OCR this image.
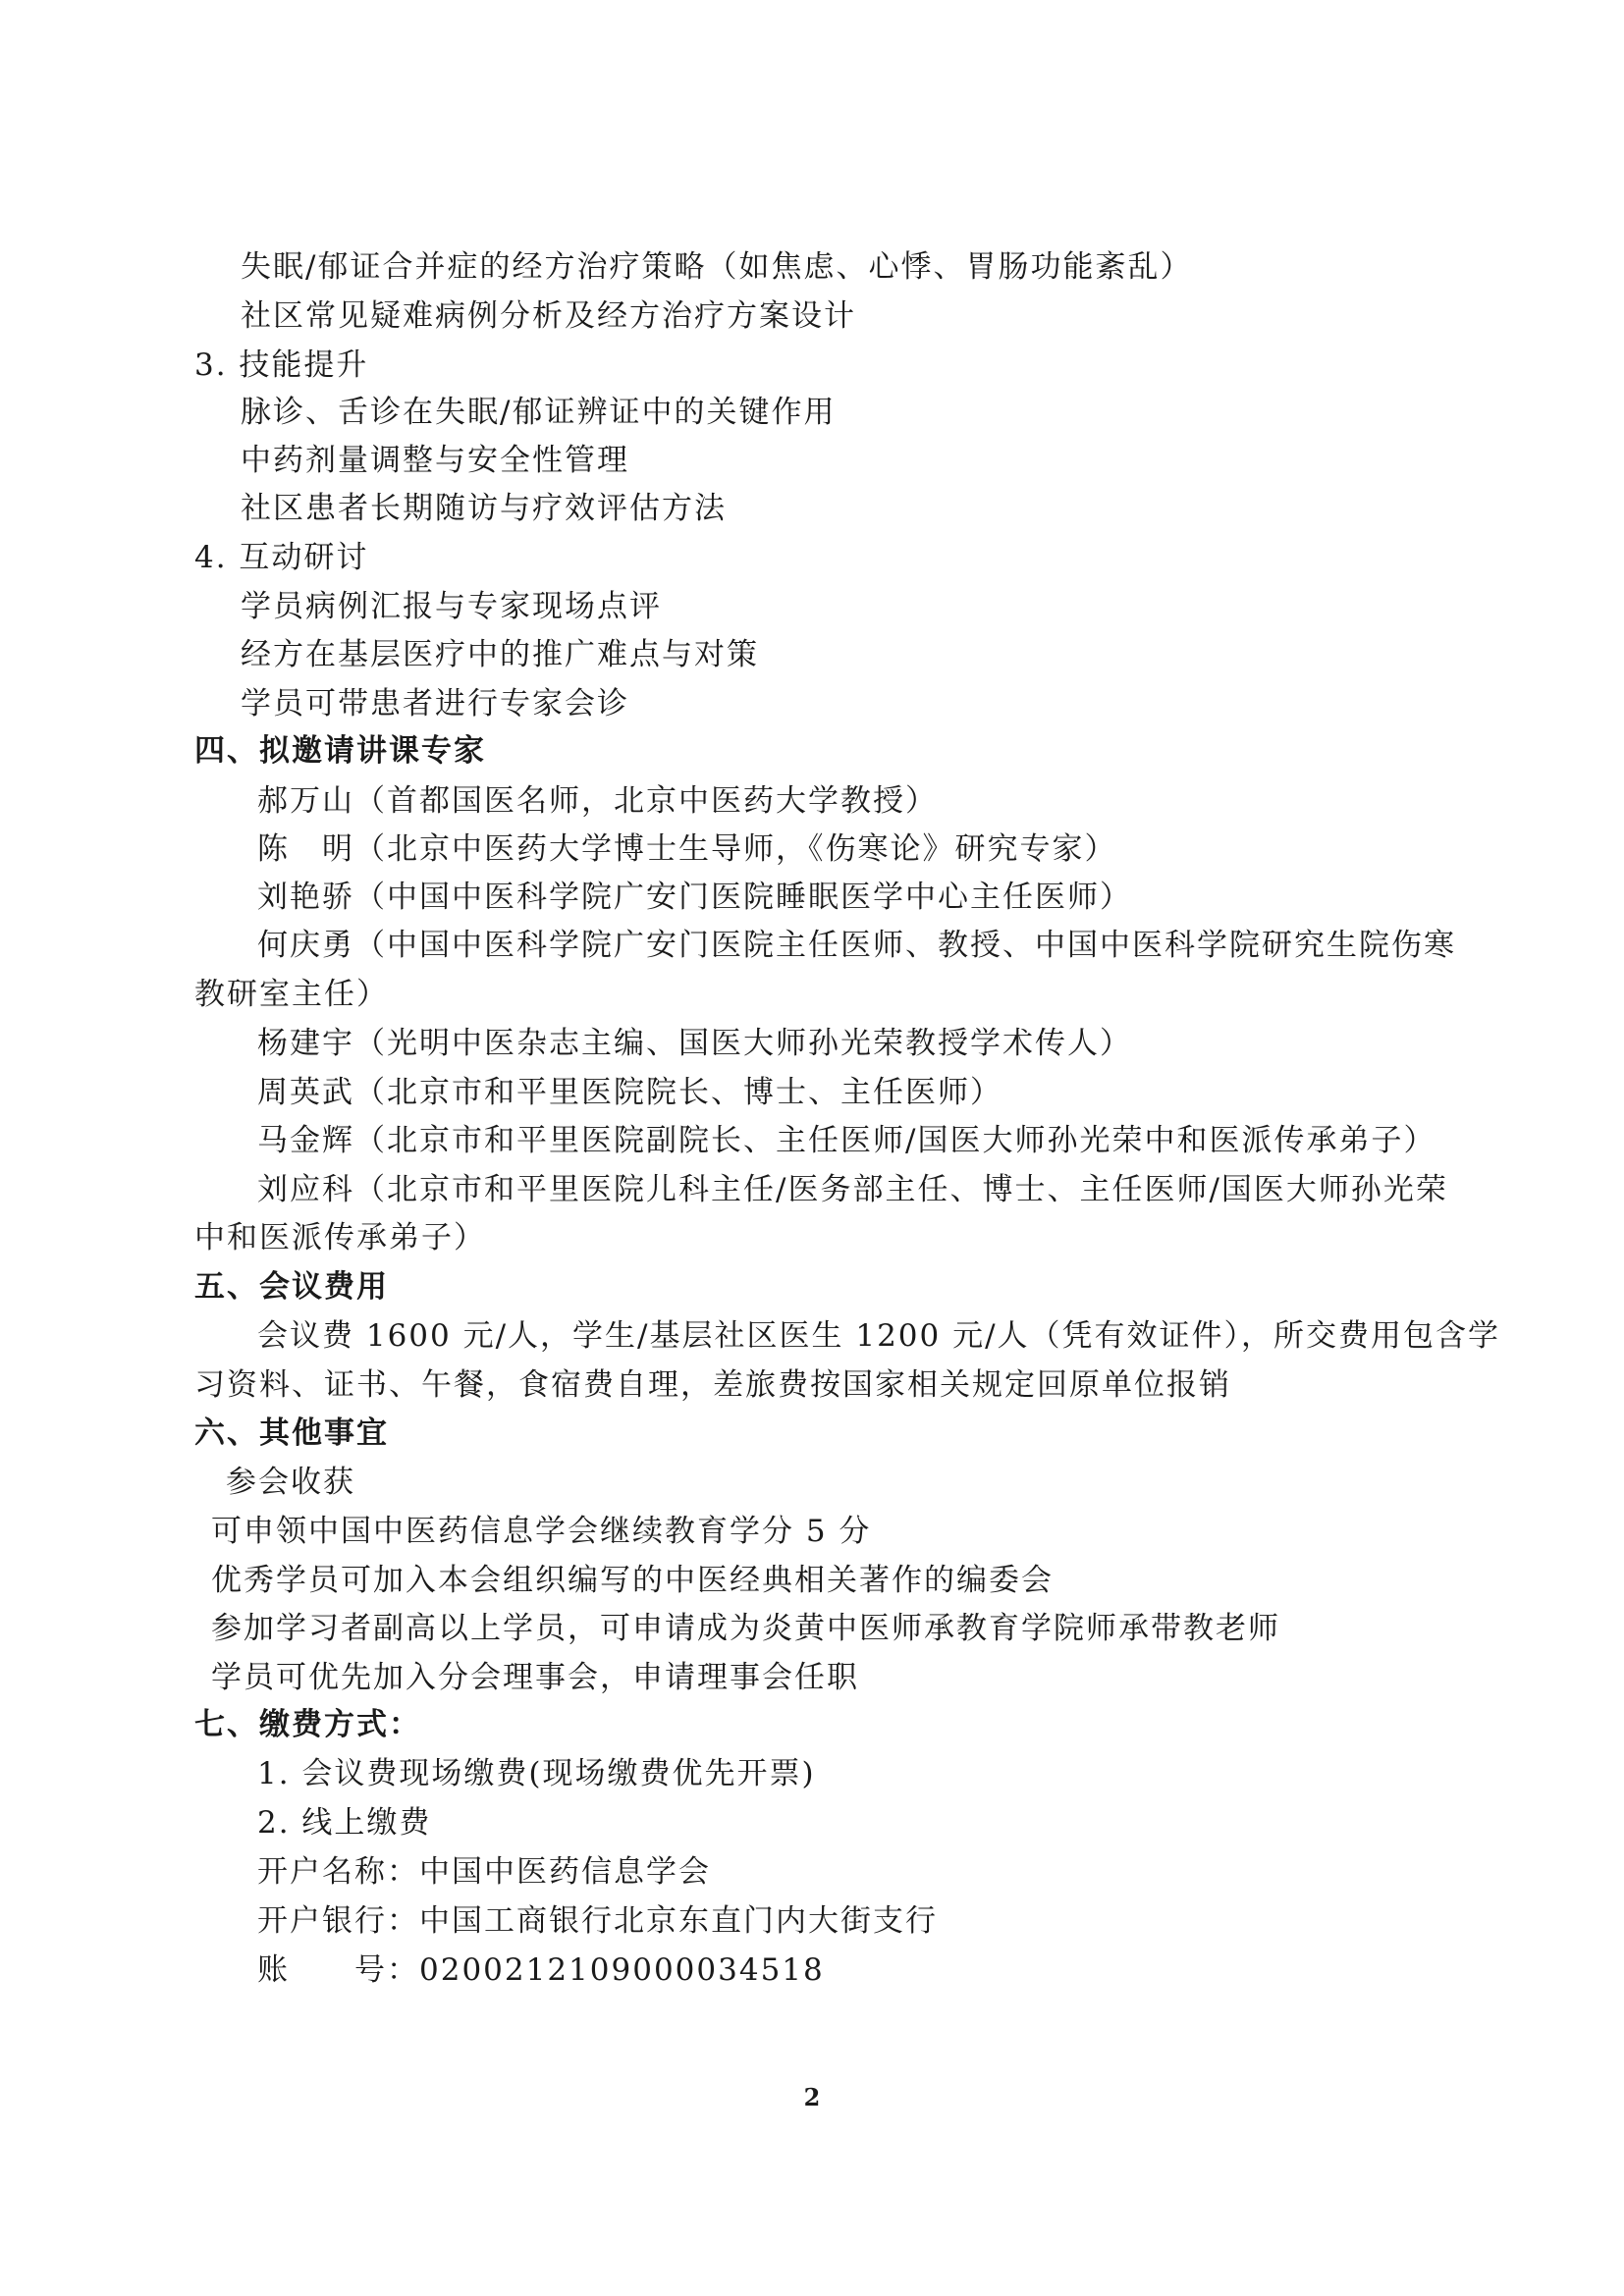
失眠/郁证合并症的经方治疗策略（如焦虑、心悸、胃肠功能紊乱）
社区常见疑难病例分析及经方治疗方案设计
3. 技能提升
脉诊、舌诊在失眠/郁证辨证中的关键作用
中药剂量调整与安全性管理
社区患者长期随访与疗效评估方法
4. 互动研讨
学员病例汇报与专家现场点评
经方在基层医疗中的推广难点与对策
学员可带患者进行专家会诊
四、拟邀请讲课专家
郝万山（首都国医名师，北京中医药大学教授）
陈　明（北京中医药大学博士生导师，《伤寒论》研究专家）
刘艳骄（中国中医科学院广安门医院睡眠医学中心主任医师）
何庆勇（中国中医科学院广安门医院主任医师、教授、中国中医科学院研究生院伤寒
教研室主任）
杨建宇（光明中医杂志主编、国医大师孙光荣教授学术传人）
周英武（北京市和平里医院院长、博士、主任医师）
马金辉（北京市和平里医院副院长、主任医师/国医大师孙光荣中和医派传承弟子）
刘应科（北京市和平里医院儿科主任/医务部主任、博士、主任医师/国医大师孙光荣
中和医派传承弟子）
五、会议费用
会议费 1600 元/人，学生/基层社区医生 1200 元/人（凭有效证件），所交费用包含学
习资料、证书、午餐，食宿费自理，差旅费按国家相关规定回原单位报销
六、其他事宜
参会收获
可申领中国中医药信息学会继续教育学分 5 分
优秀学员可加入本会组织编写的中医经典相关著作的编委会
参加学习者副高以上学员，可申请成为炎黄中医师承教育学院师承带教老师
学员可优先加入分会理事会，申请理事会任职
七、缴费方式：
1. 会议费现场缴费(现场缴费优先开票)
2. 线上缴费
开户名称：中国中医药信息学会
开户银行：中国工商银行北京东直门内大街支行
账　　号：0200212109000034518
2
